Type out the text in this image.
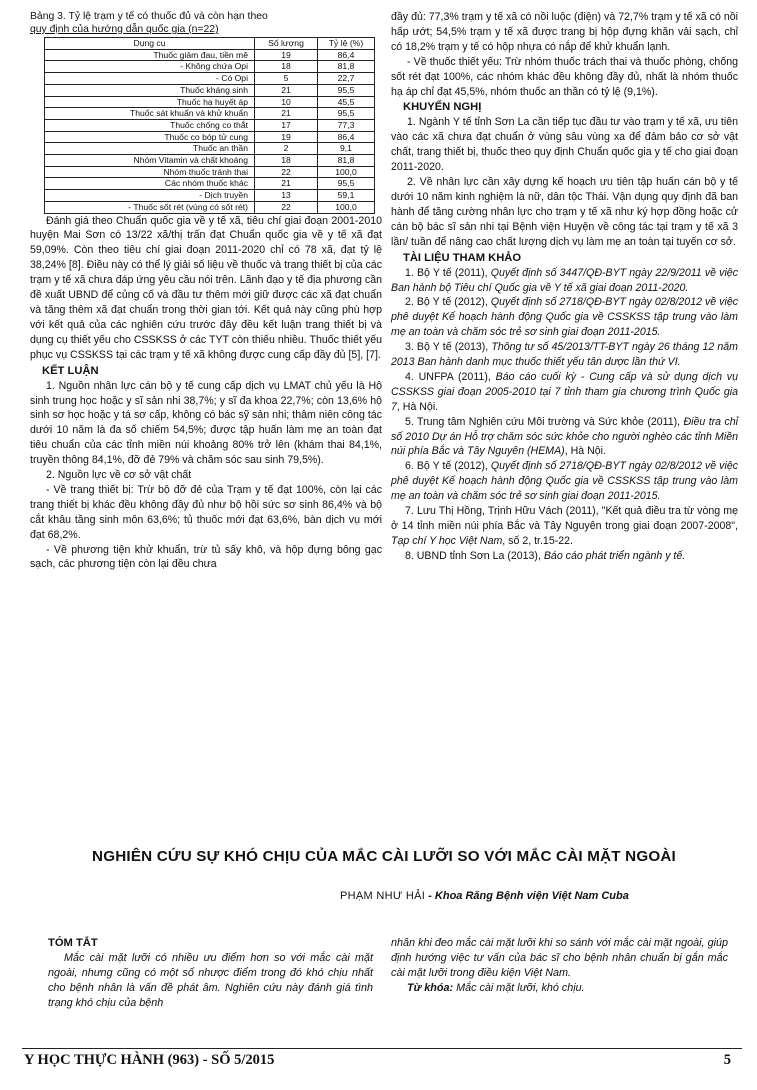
Bảng 3. Tỷ lệ trạm y tế có thuốc đủ và còn hạn theo
quy định của hướng dẫn quốc gia (n=22)

Dụng cụ	Số lượng	Tỷ lệ (%)
Thuốc giảm đau, tiền mê	19	86,4
- Không chứa Opi	18	81,8
- Có Opi	5	22,7
Thuốc kháng sinh	21	95,5
Thuốc hạ huyết áp	10	45,5
Thuốc sát khuẩn và khử khuẩn	21	95,5
Thuốc chống co thắt	17	77,3
Thuốc co bóp tử cung	19	86,4
Thuốc an thần	2	9,1
Nhóm Vitamin và chất khoáng	18	81,8
Nhóm thuốc tránh thai	22	100,0
Các nhóm thuốc khác	21	95,5
- Dịch truyền	13	59,1
- Thuốc sốt rét (vùng có sốt rét)	22	100,0

Đánh giá theo Chuẩn quốc gia về y tế xã, tiêu chí giai đoạn 2001-2010 huyện Mai Sơn có 13/22 xã/thị trấn đạt Chuẩn quốc gia về y tế xã đạt 59,09%. Còn theo tiêu chí giai đoạn 2011-2020 chỉ có 78 xã, đạt tỷ lệ 38,24% [8]. Điều này có thể lý giải số liệu về thuốc và trang thiết bị của các trạm y tế xã chưa đáp ứng yêu cầu nói trên. Lãnh đạo y tế địa phương cần đề xuất UBND để củng cố và đầu tư thêm mới giữ được các xã đạt chuẩn và tăng thêm xã đạt chuẩn trong thời gian tới. Kết quả này cũng phù hợp với kết quả của các nghiên cứu trước đây đều kết luận trang thiết bị và dụng cụ thiết yếu cho CSSKSS ở các TYT còn thiếu nhiều. Thuốc thiết yếu phục vụ CSSKSS tại các trạm y tế xã không được cung cấp đầy đủ [5], [7].

KẾT LUẬN

1. Nguồn nhân lực cán bộ y tế cung cấp dịch vụ LMAT chủ yếu là Hộ sinh trung học hoặc y sĩ sản nhi 38,7%; y sĩ đa khoa 22,7%; còn 13,6% hộ sinh sơ học hoặc y tá sơ cấp, không có bác sỹ sản nhi; thâm niên công tác dưới 10 năm là đa số chiếm 54,5%; được tập huấn làm mẹ an toàn đạt tiêu chuẩn của các tỉnh miền núi khoảng 80% trở lên (khám thai 84,1%, truyền thông 84,1%, đỡ đẻ 79% và chăm sóc sau sinh 79,5%).

2. Nguồn lực về cơ sở vật chất

- Về trang thiết bị: Trừ bộ đỡ đẻ của Trạm y tế đạt 100%, còn lại các trang thiết bị khác đều không đầy đủ như bộ hồi sức sơ sinh 86,4% và bộ cắt khâu tầng sinh môn 63,6%; tủ thuốc mới đạt 63,6%, bàn dịch vụ mới đạt 68,2%.

- Về phương tiện khử khuẩn, trừ tủ sấy khô, và hộp đựng bông gạc sạch, các phương tiện còn lại đều chưa

đầy đủ: 77,3% trạm y tế xã có nồi luộc (điện) và 72,7% trạm y tế xã có nồi hấp ướt; 54,5% trạm y tế xã được trang bị hộp đựng khăn vải sạch, chỉ có 18,2% trạm y tế có hộp nhựa có nắp để khử khuẩn lạnh.

- Về thuốc thiết yếu: Trừ nhóm thuốc trách thai và thuốc phòng, chống sốt rét đạt 100%, các nhóm khác đều không đầy đủ, nhất là nhóm thuốc hạ áp chỉ đạt 45,5%, nhóm thuốc an thần có tỷ lệ (9,1%).

KHUYẾN NGHỊ

1. Ngành Y tế tỉnh Sơn La cần tiếp tục đầu tư vào trạm y tế xã, ưu tiên vào các xã chưa đạt chuẩn ở vùng sâu vùng xa để đảm bảo cơ sở vật chất, trang thiết bị, thuốc theo quy định Chuẩn quốc gia y tế cho giai đoạn 2011-2020.

2. Về nhân lực cần xây dựng kế hoạch ưu tiên tập huấn cán bộ y tế dưới 10 năm kinh nghiệm là nữ, dân tộc Thái. Vận dụng quy định đã ban hành để tăng cường nhân lực cho trạm y tế xã như ký hợp đồng hoặc cử cán bộ bác sĩ sản nhi tại Bệnh viện Huyện về công tác tại trạm y tế xã 3 lần/ tuần để nâng cao chất lượng dịch vụ làm mẹ an toàn tại tuyến cơ sở.

TÀI LIỆU THAM KHẢO

1. Bộ Y tế (2011), Quyết định số 3447/QĐ-BYT ngày 22/9/2011 về việc Ban hành bộ Tiêu chí Quốc gia về Y tế xã giai đoạn 2011-2020.

2. Bộ Y tế (2012), Quyết định số 2718/QĐ-BYT ngày 02/8/2012 về việc phê duyệt Kế hoạch hành động Quốc gia về CSSKSS tập trung vào làm mẹ an toàn và chăm sóc trẻ sơ sinh giai đoạn 2011-2015.

3. Bộ Y tế (2013), Thông tư số 45/2013/TT-BYT ngày 26 tháng 12 năm 2013 Ban hành danh mục thuốc thiết yếu tân dược lần thứ VI.

4. UNFPA (2011), Báo cáo cuối kỳ - Cung cấp và sử dụng dịch vụ CSSKSS giai đoạn 2005-2010 tại 7 tỉnh tham gia chương trình Quốc gia 7, Hà Nội.

5. Trung tâm Nghiên cứu Môi trường và Sức khỏe (2011), Điều tra chỉ số 2010 Dự án Hỗ trợ chăm sóc sức khỏe cho người nghèo các tỉnh Miền núi phía Bắc và Tây Nguyên (HEMA), Hà Nội.

6. Bộ Y tế (2012), Quyết định số 2718/QĐ-BYT ngày 02/8/2012 về việc phê duyệt Kế hoạch hành động Quốc gia về CSSKSS tập trung vào làm mẹ an toàn và chăm sóc trẻ sơ sinh giai đoạn 2011-2015.

7. Lưu Thị Hồng, Trịnh Hữu Vách (2011), "Kết quả điều tra từ vòng mẹ ở 14 tỉnh miền núi phía Bắc và Tây Nguyên trong giai đoạn 2007-2008", Tạp chí Y học Việt Nam, số 2, tr.15-22.

8. UBND tỉnh Sơn La (2013), Báo cáo phát triển ngành y tế.

NGHIÊN CỨU SỰ KHÓ CHỊU CỦA MẮC CÀI LƯỠI SO VỚI MẮC CÀI MẶT NGOÀI

PHẠM NHƯ HẢI - Khoa Răng Bệnh viện Việt Nam Cuba

TÓM TẮT

Mắc cài mặt lưỡi có nhiều ưu điểm hơn so với mắc cài mặt ngoài, nhưng cũng có một số nhược điểm trong đó khó chịu nhất cho bệnh nhân là vấn đề phát âm. Nghiên cứu này đánh giá tình trạng khó chịu của bệnh

nhân khi đeo mắc cài mặt lưỡi khi so sánh với mắc cài mặt ngoài, giúp định hướng việc tư vấn của bác sĩ cho bệnh nhân chuẩn bị gắn mắc cài mặt lưỡi trong điều kiện Việt Nam.

Từ khóa: Mắc cài mặt lưỡi, khó chịu.

Y HỌC THỰC HÀNH (963) - SỐ 5/2015	5
